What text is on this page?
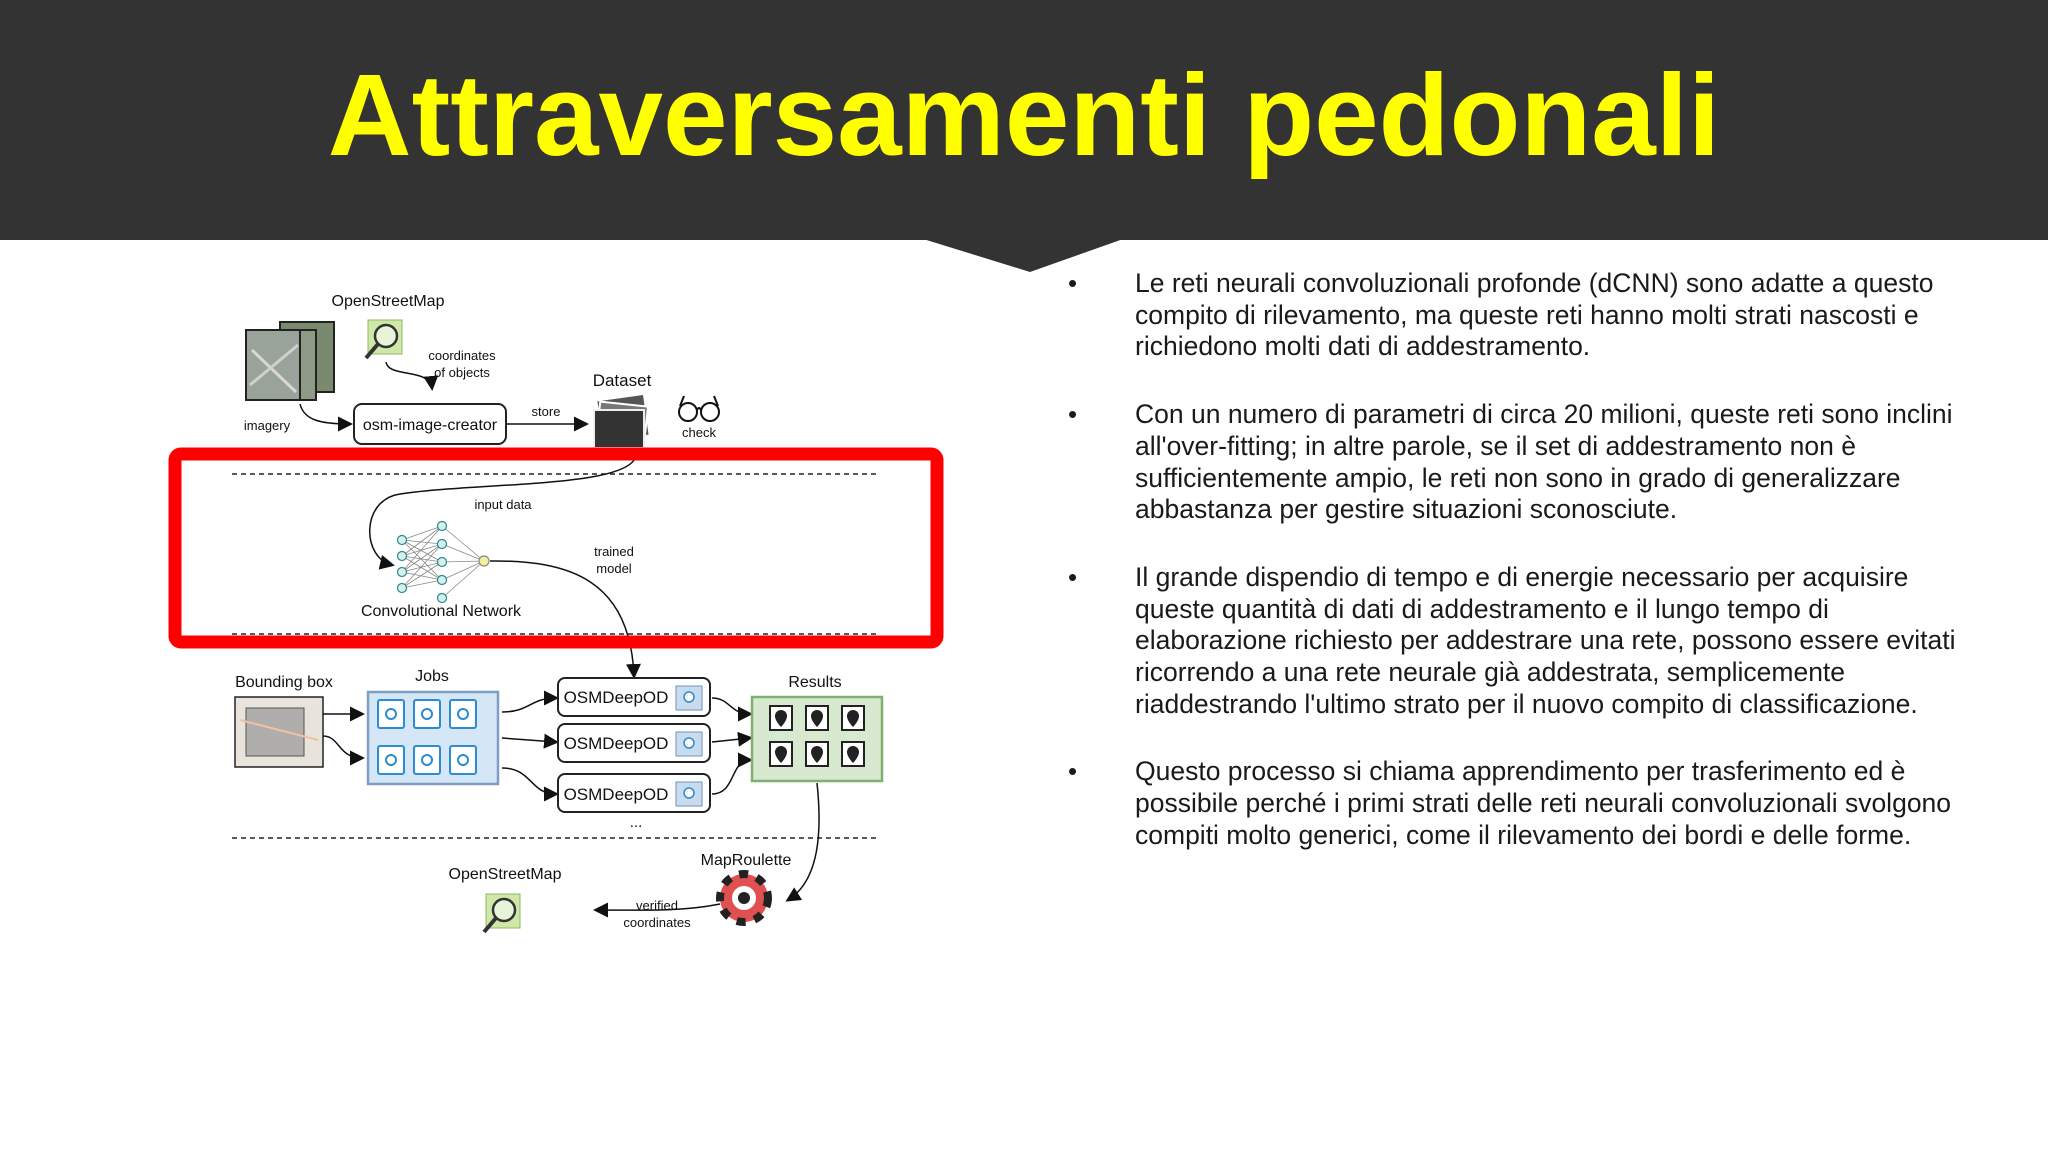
Attraversamenti pedonali
OpenStreetMap
coordinates
of objects
imagery	osm-image-creator
store
Dataset
check
input data
Convolutional Network
trained
model
Bounding box	Jobs
OSMDeepOD
OSMDeepOD
OSMDeepOD
...
Results
MapRoulette
verified
coordinates
OpenStreetMap
• Le reti neurali convoluzionali profonde (dCNN) sono adatte a questo compito di rilevamento, ma queste reti hanno molti strati nascosti e richiedono molti dati di addestramento.
• Con un numero di parametri di circa 20 milioni, queste reti sono inclini all'over-fitting; in altre parole, se il set di addestramento non è sufficientemente ampio, le reti non sono in grado di generalizzare abbastanza per gestire situazioni sconosciute.
• Il grande dispendio di tempo e di energie necessario per acquisire queste quantità di dati di addestramento e il lungo tempo di elaborazione richiesto per addestrare una rete, possono essere evitati ricorrendo a una rete neurale già addestrata, semplicemente riaddestrando l'ultimo strato per il nuovo compito di classificazione.
• Questo processo si chiama apprendimento per trasferimento ed è possibile perché i primi strati delle reti neurali convoluzionali svolgono compiti molto generici, come il rilevamento dei bordi e delle forme.
